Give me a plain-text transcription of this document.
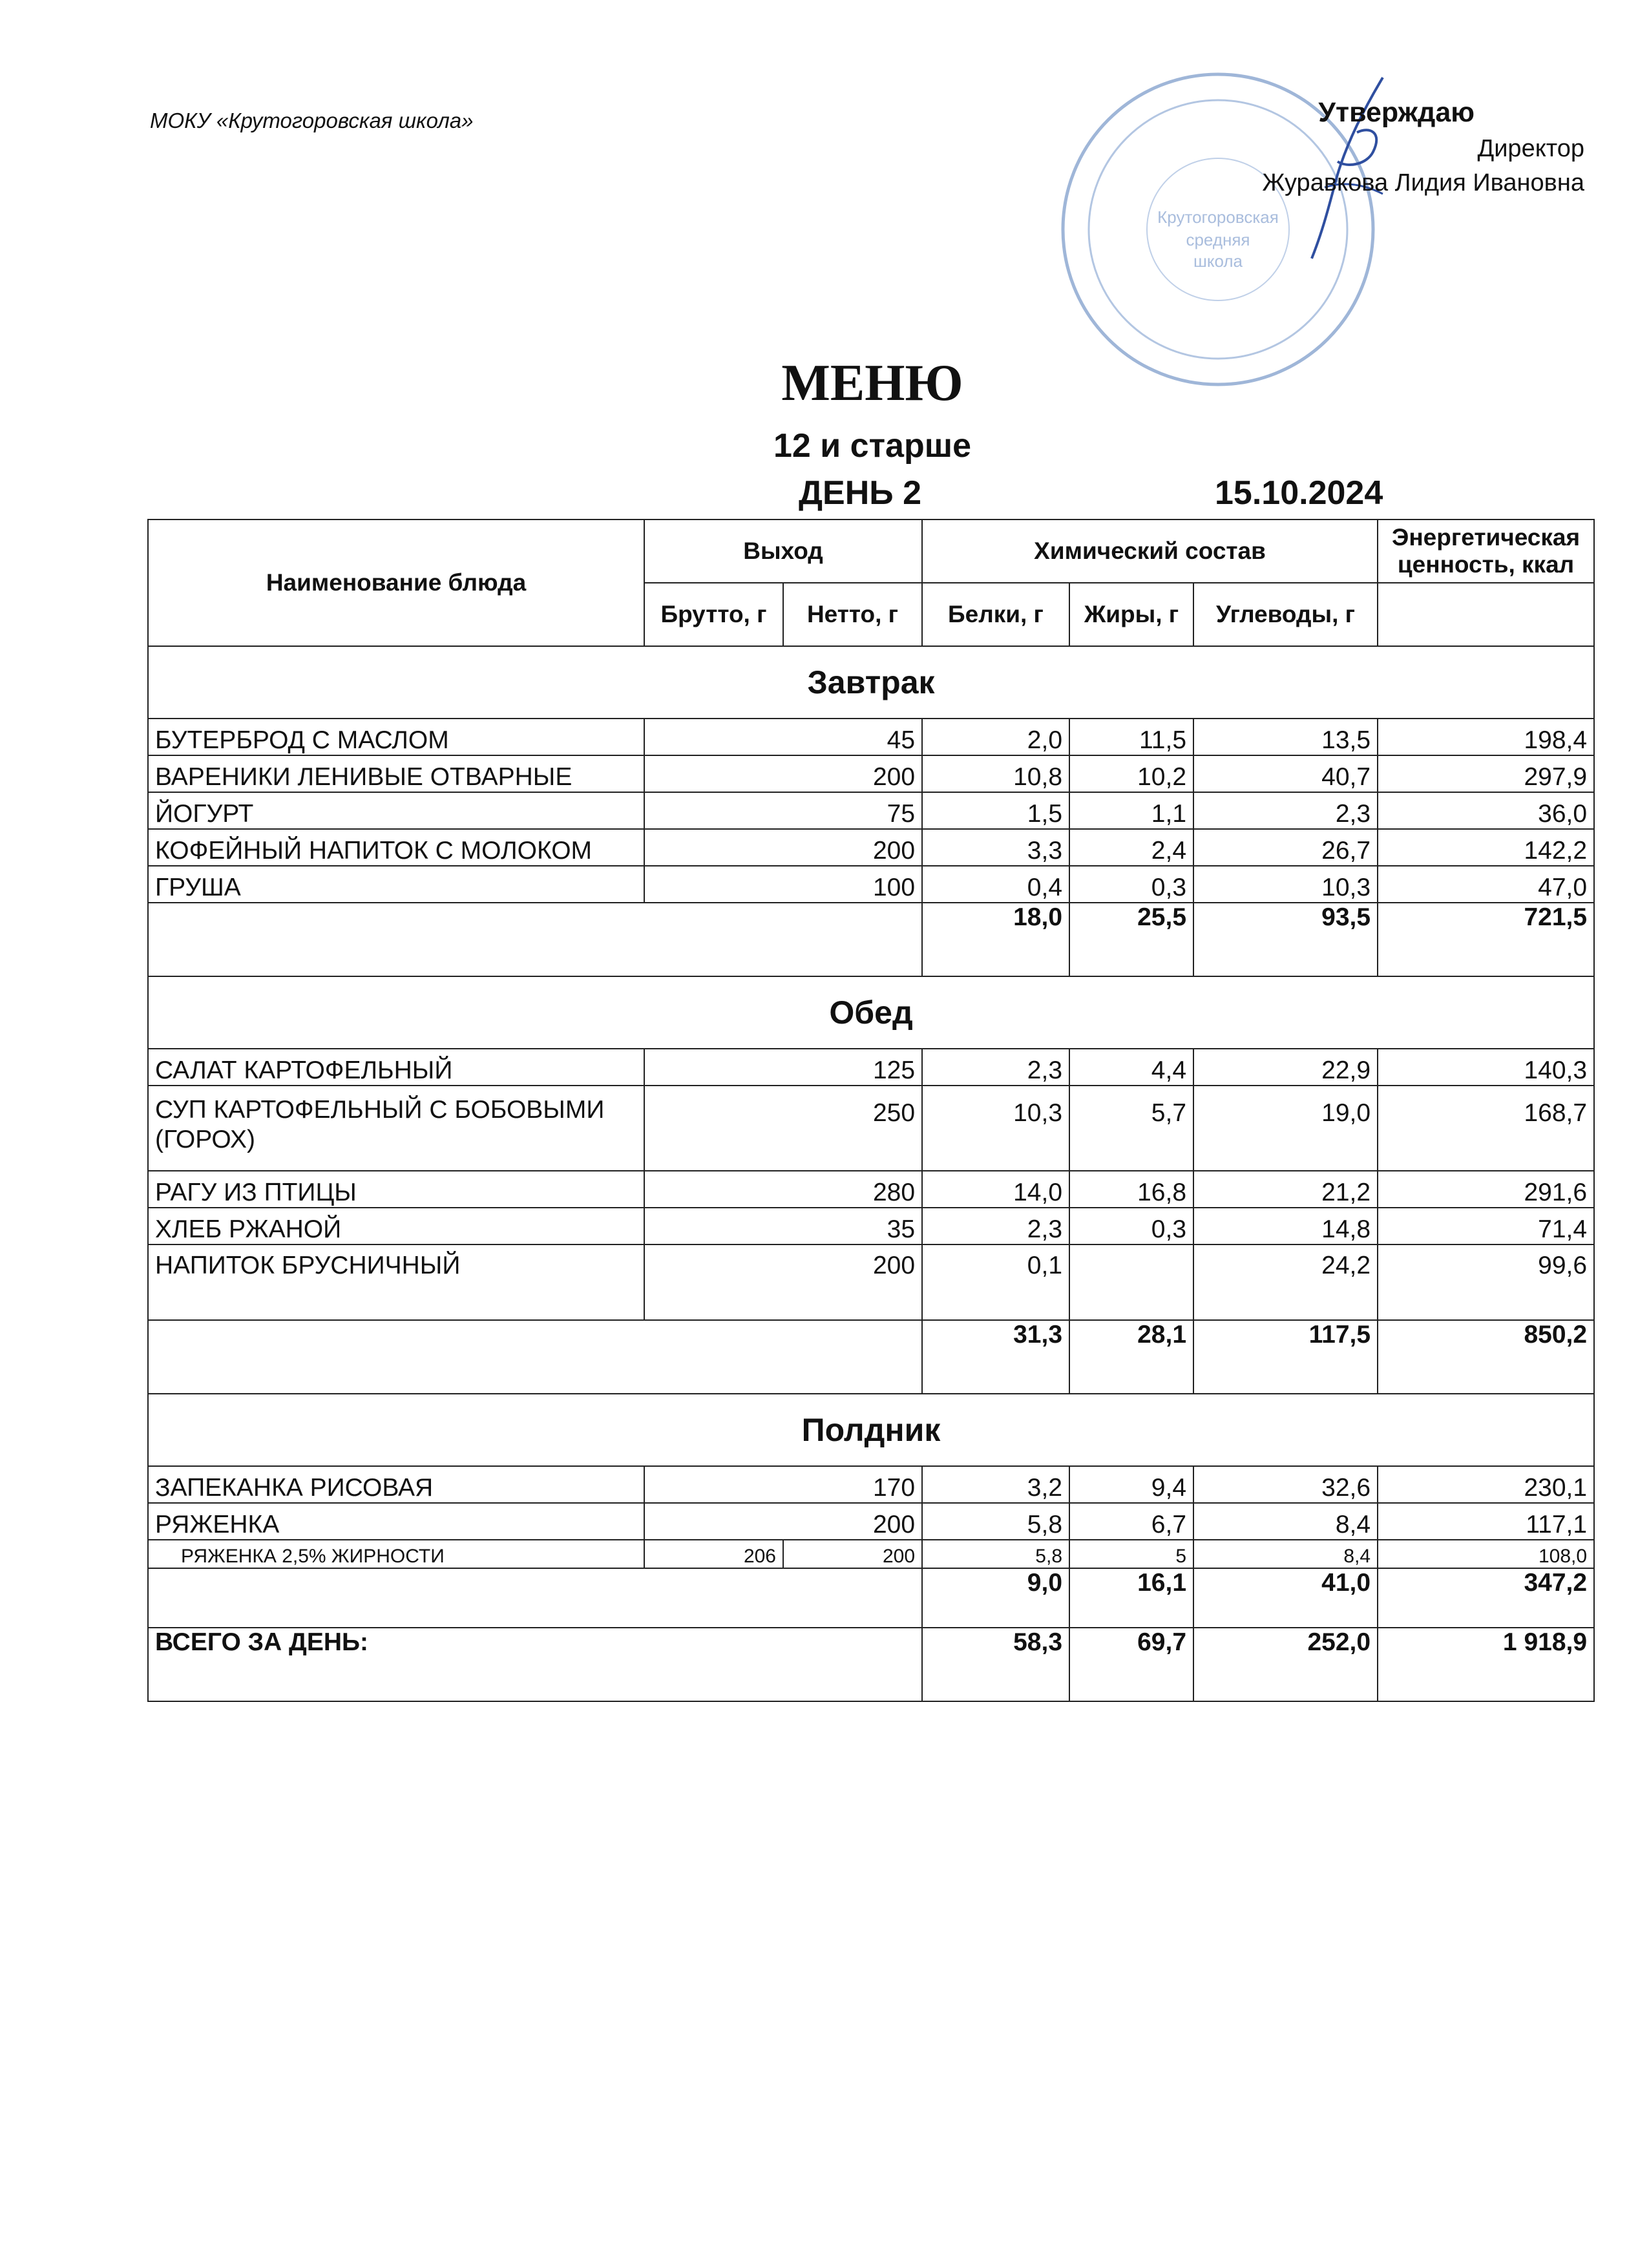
МОКУ «Крутогоровская школа»
Крутогоровская
средняя
школа
Утверждаю
Директор
Журавкова Лидия Ивановна
МЕНЮ
12 и старше
ДЕНЬ 2	15.10.2024
Наименование блюда	Выход		Химический состав			Энергетическая ценность, ккал
	Брутто, г	Нетто, г	Белки, г	Жиры, г	Углеводы, г	
Завтрак						
БУТЕРБРОД С МАСЛОМ	45		2,0	11,5	13,5	198,4
ВАРЕНИКИ ЛЕНИВЫЕ ОТВАРНЫЕ	200		10,8	10,2	40,7	297,9
ЙОГУРТ	75		1,5	1,1	2,3	36,0
КОФЕЙНЫЙ НАПИТОК С МОЛОКОМ	200		3,3	2,4	26,7	142,2
ГРУША	100		0,4	0,3	10,3	47,0
			18,0	25,5	93,5	721,5
Обед						
САЛАТ КАРТОФЕЛЬНЫЙ	125		2,3	4,4	22,9	140,3
СУП КАРТОФЕЛЬНЫЙ С БОБОВЫМИ (ГОРОХ)	250		10,3	5,7	19,0	168,7
РАГУ ИЗ ПТИЦЫ	280		14,0	16,8	21,2	291,6
ХЛЕБ РЖАНОЙ	35		2,3	0,3	14,8	71,4
НАПИТОК БРУСНИЧНЫЙ	200		0,1		24,2	99,6
			31,3	28,1	117,5	850,2
Полдник						
ЗАПЕКАНКА РИСОВАЯ	170		3,2	9,4	32,6	230,1
РЯЖЕНКА	200		5,8	6,7	8,4	117,1
РЯЖЕНКА 2,5% ЖИРНОСТИ	206	200	5,8	5	8,4	108,0
			9,0	16,1	41,0	347,2
ВСЕГО ЗА ДЕНЬ:			58,3	69,7	252,0	1 918,9
